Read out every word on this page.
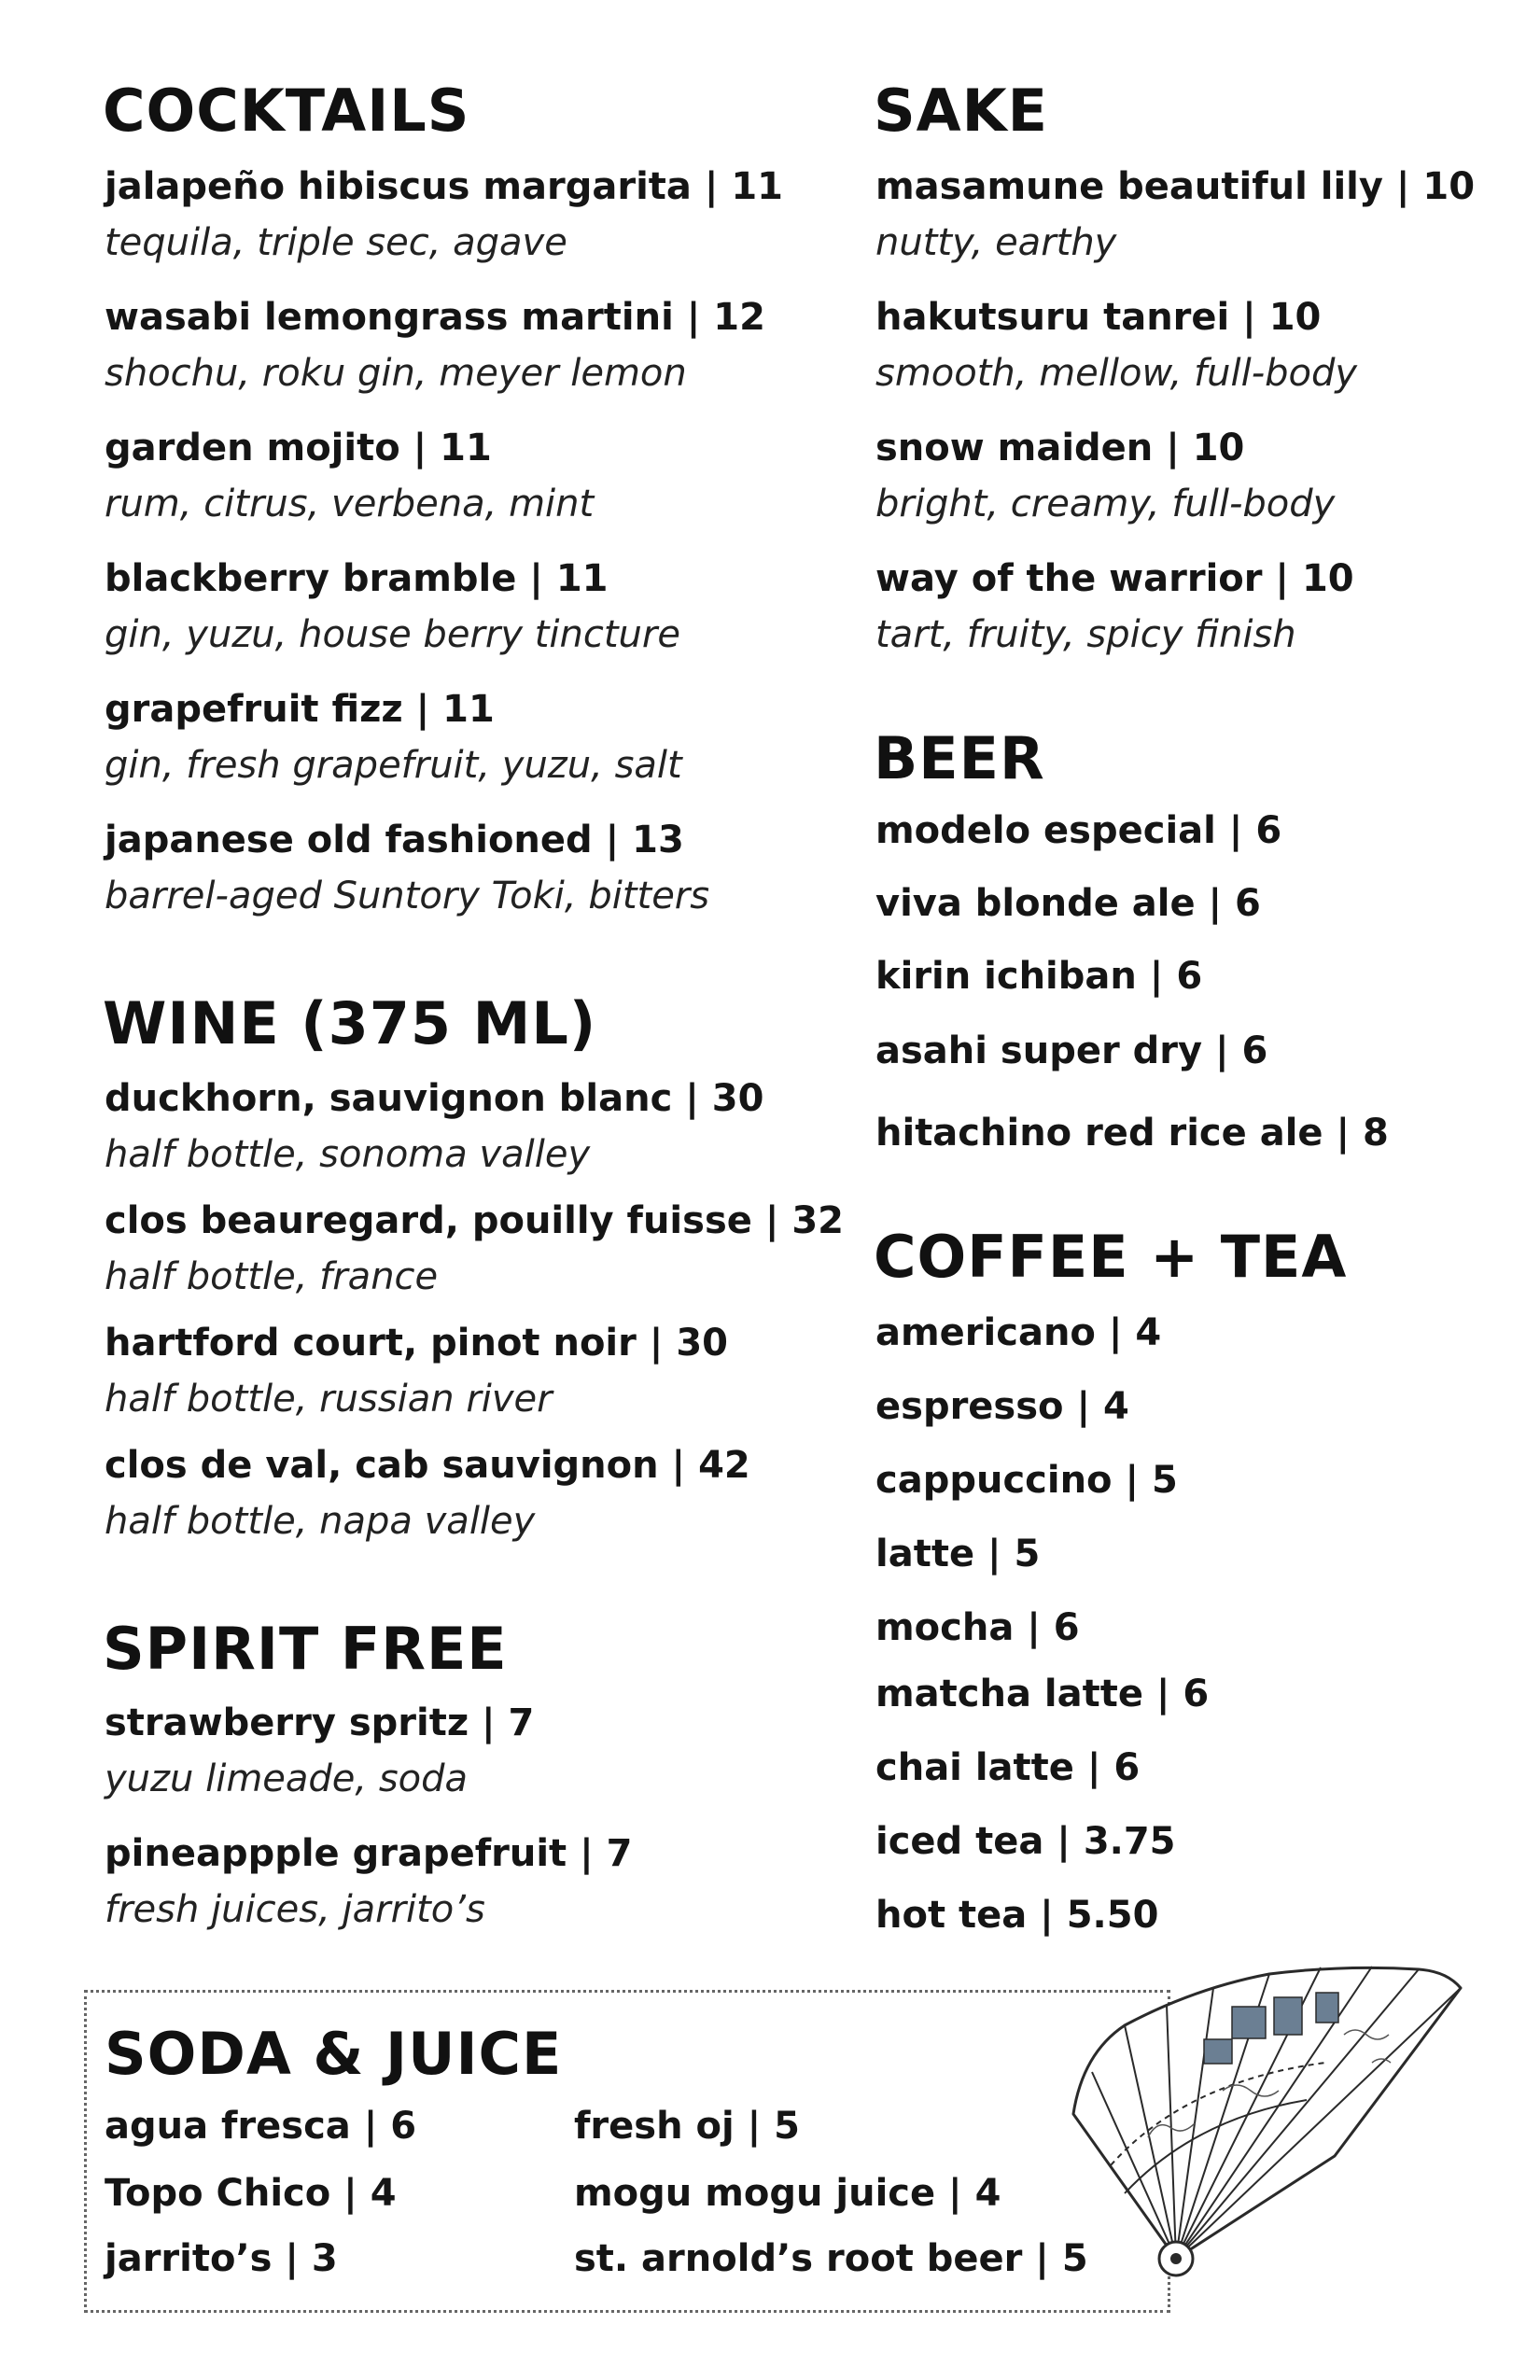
COCKTAILS
jalapeño hibiscus margarita | 11
tequila, triple sec, agave
wasabi lemongrass martini | 12
shochu, roku gin, meyer lemon
garden mojito | 11
rum, citrus, verbena, mint
blackberry bramble | 11
gin, yuzu, house berry tincture
grapefruit fizz | 11
gin, fresh grapefruit, yuzu, salt
japanese old fashioned | 13
barrel-aged Suntory Toki, bitters
WINE (375 ML)
duckhorn, sauvignon blanc | 30
half bottle, sonoma valley
clos beauregard, pouilly fuisse | 32
half bottle, france
hartford court, pinot noir | 30
half bottle, russian river
clos de val, cab sauvignon | 42
half bottle, napa valley
SPIRIT FREE
strawberry spritz | 7
yuzu limeade, soda
pineappple grapefruit | 7
fresh juices, jarrito’s
SAKE
masamune beautiful lily | 10
nutty, earthy
hakutsuru tanrei | 10
smooth, mellow, full-body
snow maiden | 10
bright, creamy, full-body
way of the warrior | 10
tart, fruity, spicy finish
BEER
modelo especial | 6
viva blonde ale | 6
kirin ichiban | 6
asahi super dry | 6
hitachino red rice ale | 8
COFFEE + TEA
americano | 4
espresso | 4
cappuccino | 5
latte | 5
mocha | 6
matcha latte | 6
chai latte | 6
iced tea | 3.75
hot tea | 5.50
SODA & JUICE
agua fresca | 6
Topo Chico | 4
jarrito’s | 3
fresh oj | 5
mogu mogu juice | 4
st. arnold’s root beer | 5
